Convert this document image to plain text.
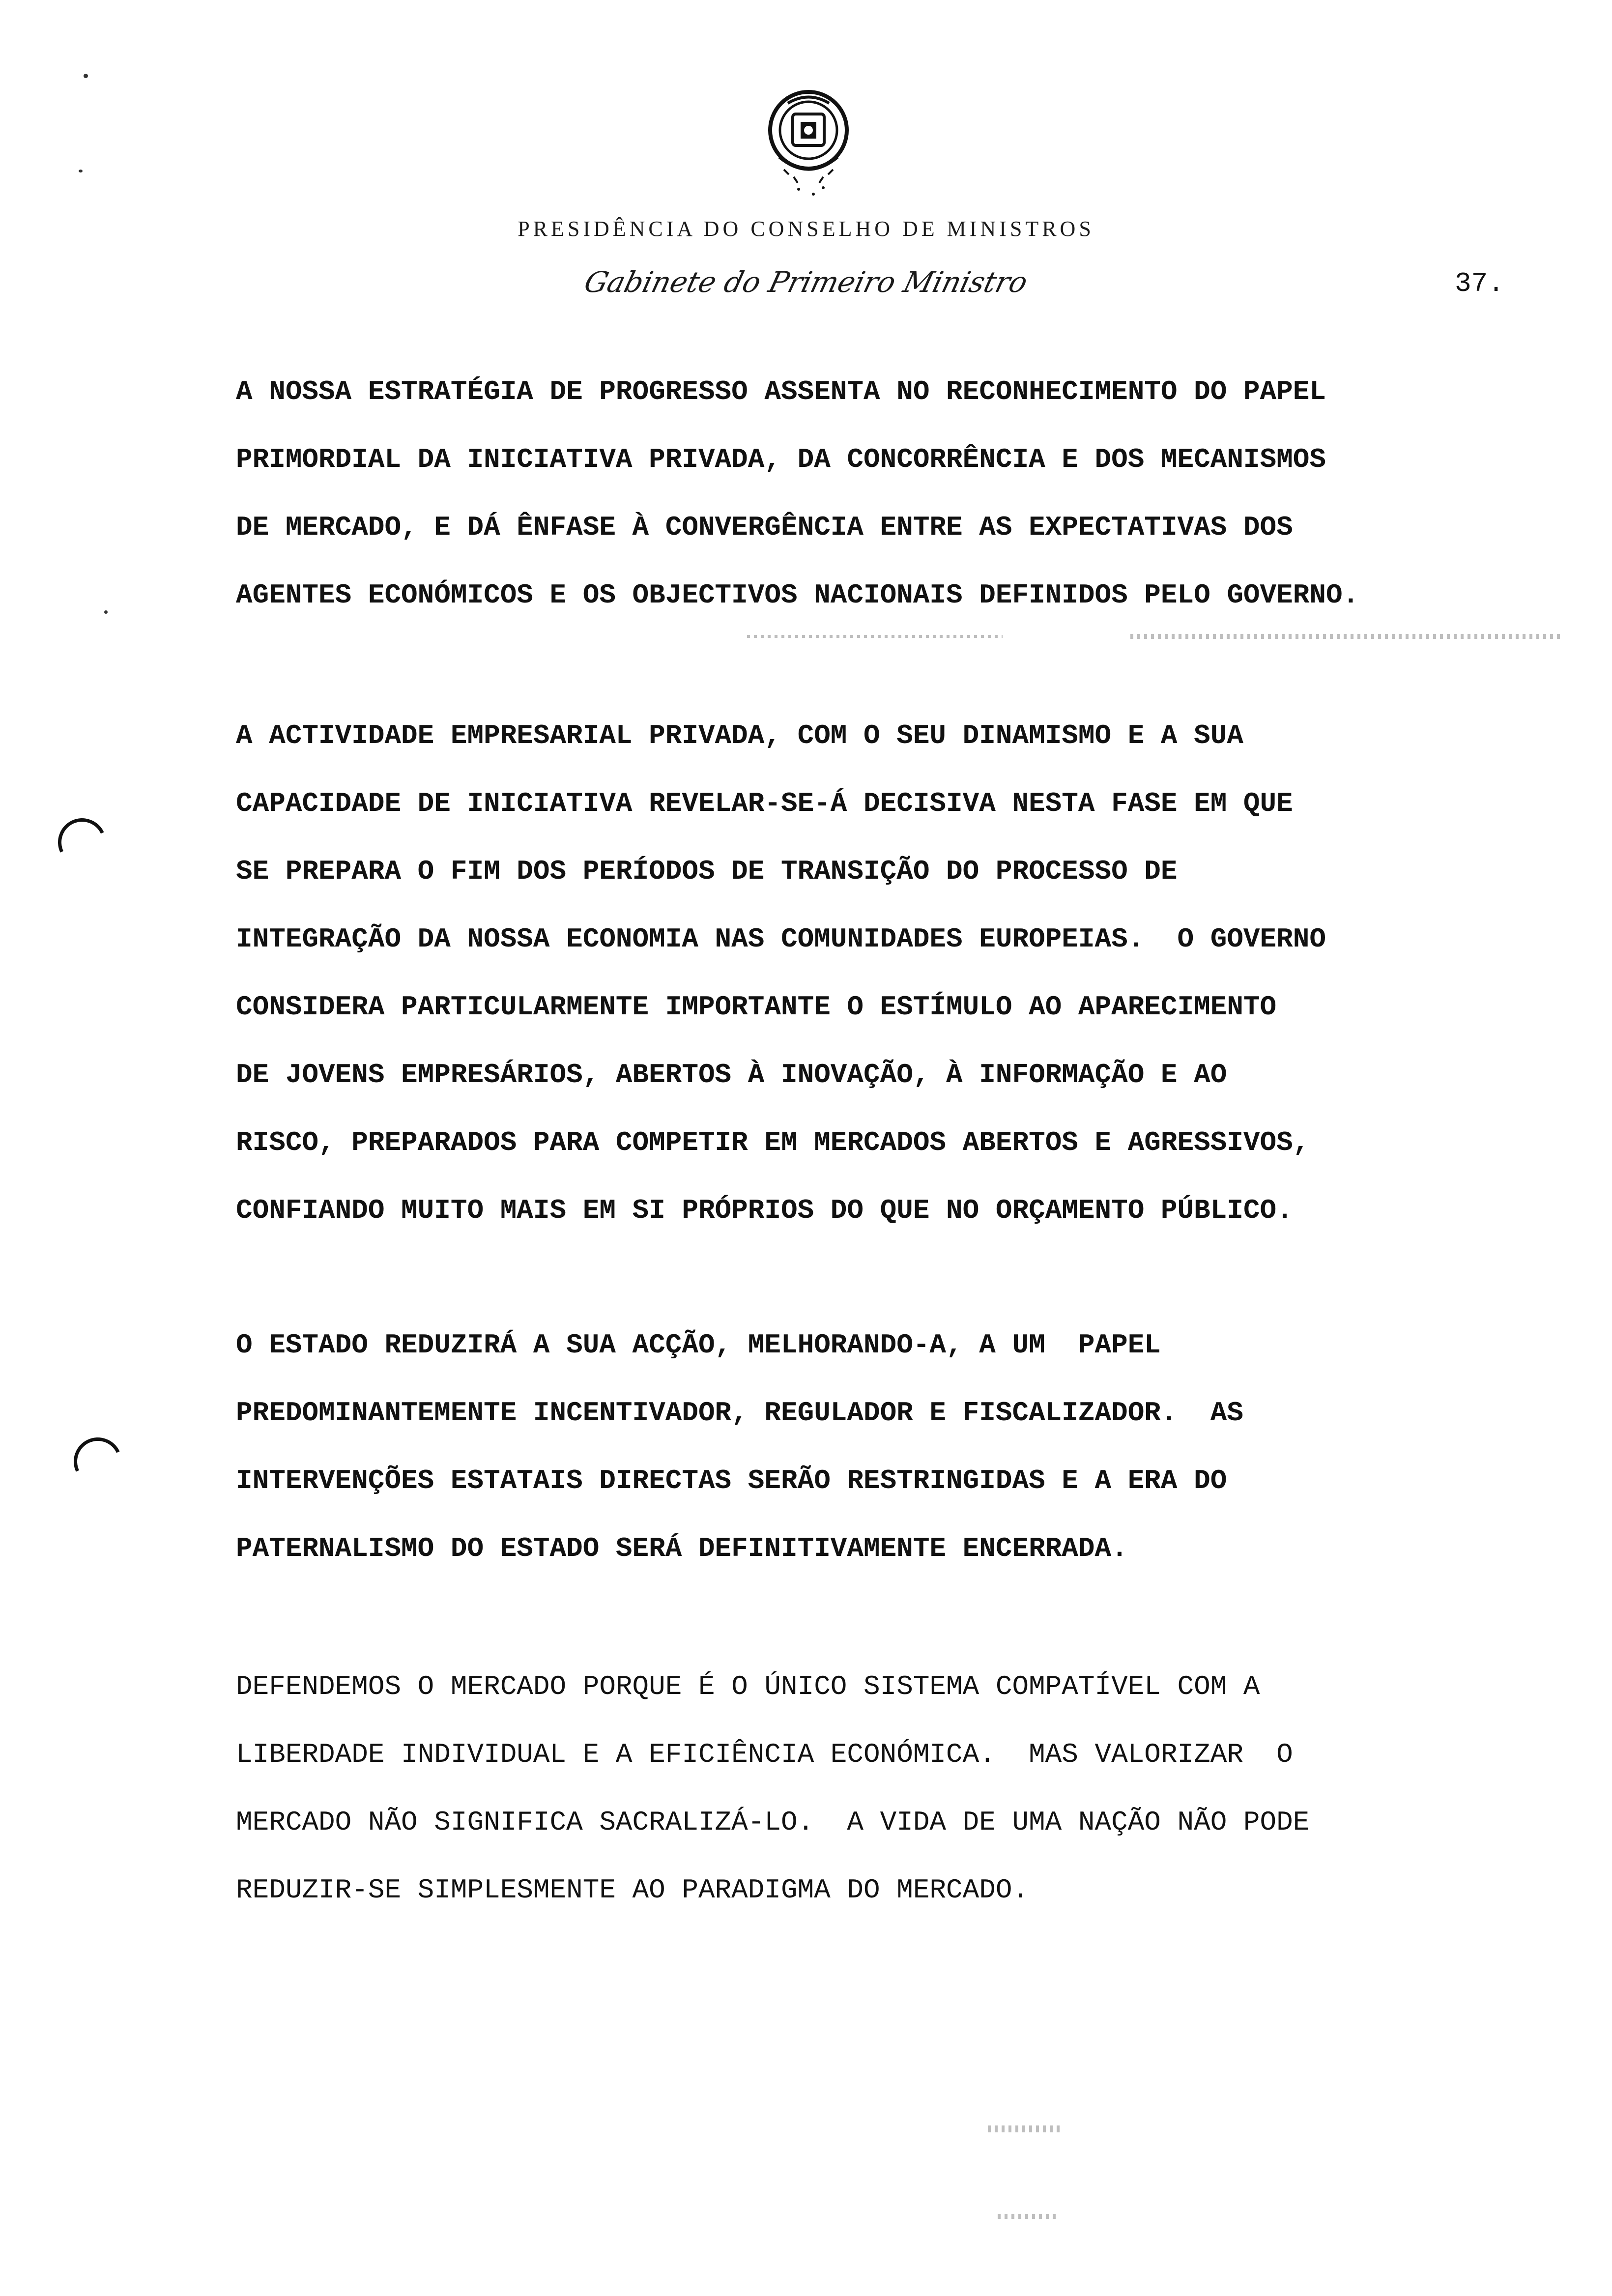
PRESIDÊNCIA DO CONSELHO DE MINISTROS
Gabinete do Primeiro Ministro	37.
A NOSSA ESTRATÉGIA DE PROGRESSO ASSENTA NO RECONHECIMENTO DO PAPEL
PRIMORDIAL DA INICIATIVA PRIVADA, DA CONCORRÊNCIA E DOS MECANISMOS
DE MERCADO, E DÁ ÊNFASE À CONVERGÊNCIA ENTRE AS EXPECTATIVAS DOS
AGENTES ECONÓMICOS E OS OBJECTIVOS NACIONAIS DEFINIDOS PELO GOVERNO.
A ACTIVIDADE EMPRESARIAL PRIVADA, COM O SEU DINAMISMO E A SUA
CAPACIDADE DE INICIATIVA REVELAR-SE-Á DECISIVA NESTA FASE EM QUE
SE PREPARA O FIM DOS PERÍODOS DE TRANSIÇÃO DO PROCESSO DE
INTEGRAÇÃO DA NOSSA ECONOMIA NAS COMUNIDADES EUROPEIAS.  O GOVERNO
CONSIDERA PARTICULARMENTE IMPORTANTE O ESTÍMULO AO APARECIMENTO
DE JOVENS EMPRESÁRIOS, ABERTOS À INOVAÇÃO, À INFORMAÇÃO E AO
RISCO, PREPARADOS PARA COMPETIR EM MERCADOS ABERTOS E AGRESSIVOS,
CONFIANDO MUITO MAIS EM SI PRÓPRIOS DO QUE NO ORÇAMENTO PÚBLICO.
O ESTADO REDUZIRÁ A SUA ACÇÃO, MELHORANDO-A, A UM  PAPEL
PREDOMINANTEMENTE INCENTIVADOR, REGULADOR E FISCALIZADOR.  AS
INTERVENÇÕES ESTATAIS DIRECTAS SERÃO RESTRINGIDAS E A ERA DO
PATERNALISMO DO ESTADO SERÁ DEFINITIVAMENTE ENCERRADA.
DEFENDEMOS O MERCADO PORQUE É O ÚNICO SISTEMA COMPATÍVEL COM A
LIBERDADE INDIVIDUAL E A EFICIÊNCIA ECONÓMICA.  MAS VALORIZAR  O
MERCADO NÃO SIGNIFICA SACRALIZÁ-LO.  A VIDA DE UMA NAÇÃO NÃO PODE
REDUZIR-SE SIMPLESMENTE AO PARADIGMA DO MERCADO.
